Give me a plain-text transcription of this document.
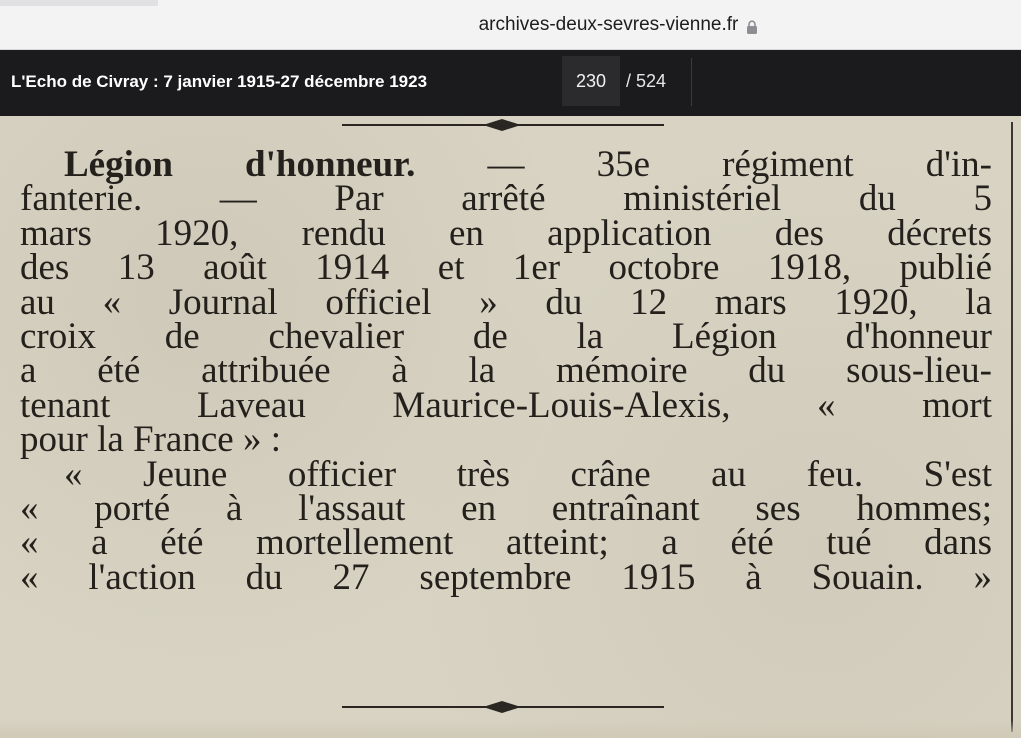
archives-deux-sevres-vienne.fr
L'Echo de Civray : 7 janvier 1915-27 décembre 1923	230	/ 524
Légion d'honneur. — 35e régiment d'in-
fanterie. — Par arrêté ministériel du 5
mars 1920, rendu en application des décrets
des 13 août 1914 et 1er octobre 1918, publié
au « Journal officiel » du 12 mars 1920, la
croix de chevalier de la Légion d'honneur
a été attribuée à la mémoire du sous-lieu-
tenant Laveau Maurice-Louis-Alexis, « mort
pour la France » :
« Jeune officier très crâne au feu. S'est
« porté à l'assaut en entraînant ses hommes;
« a été mortellement atteint; a été tué dans
« l'action du 27 septembre 1915 à Souain. »
